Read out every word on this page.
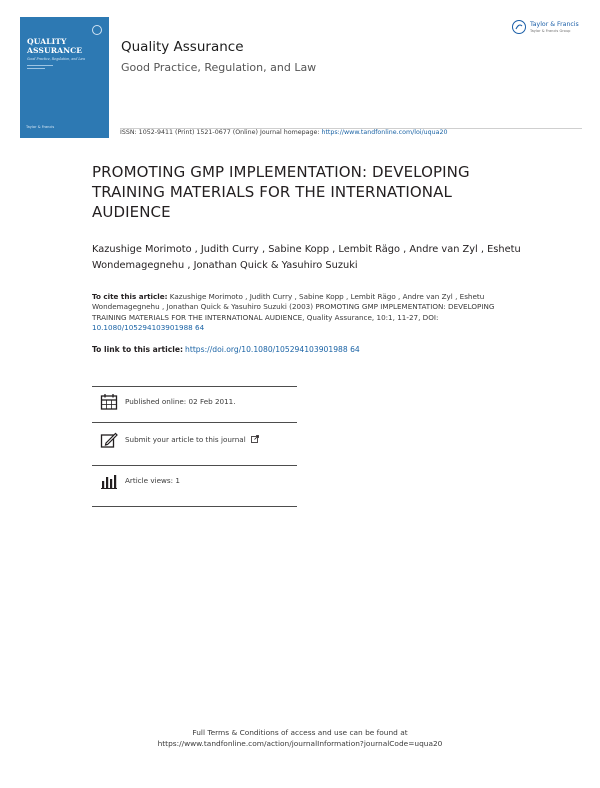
QUALITY
ASSURANCE
Good Practice, Regulation, and Law
Taylor & Francis
Quality Assurance
Good Practice, Regulation, and Law
Taylor & Francis
Taylor & Francis Group
ISSN: 1052-9411 (Print) 1521-0677 (Online) Journal homepage: https://www.tandfonline.com/loi/uqua20
PROMOTING GMP IMPLEMENTATION: DEVELOPING TRAINING MATERIALS FOR THE INTERNATIONAL AUDIENCE
Kazushige Morimoto , Judith Curry , Sabine Kopp , Lembit Rägo , Andre van Zyl , Eshetu Wondemagegnehu , Jonathan Quick & Yasuhiro Suzuki
To cite this article: Kazushige Morimoto , Judith Curry , Sabine Kopp , Lembit Rägo , Andre van Zyl , Eshetu Wondemagegnehu , Jonathan Quick & Yasuhiro Suzuki (2003) PROMOTING GMP IMPLEMENTATION: DEVELOPING TRAINING MATERIALS FOR THE INTERNATIONAL AUDIENCE, Quality Assurance, 10:1, 11-27, DOI: 10.1080/105294103901988 64
To link to this article: https://doi.org/10.1080/105294103901988 64
Published online: 02 Feb 2011.
Submit your article to this journal
Article views: 1
Full Terms & Conditions of access and use can be found at
https://www.tandfonline.com/action/journalInformation?journalCode=uqua20
